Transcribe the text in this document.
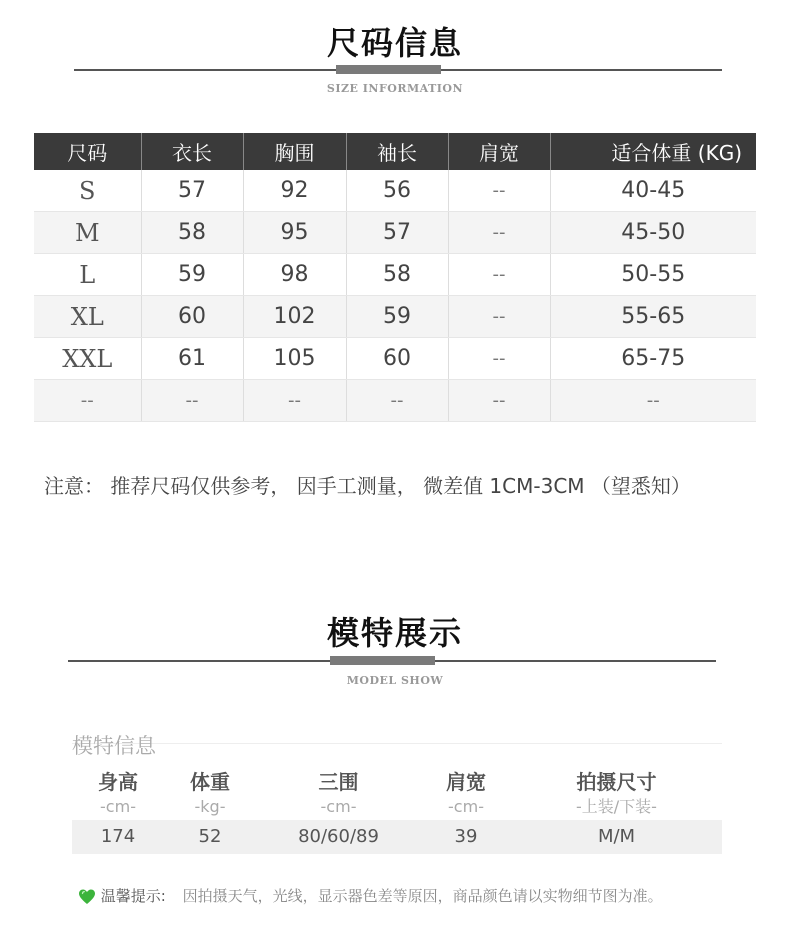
尺码信息
SIZE INFORMATION
尺码	衣长	胸围	袖长	肩宽	适合体重 (KG)
S	57	92	56	--	40-45
M	58	95	57	--	45-50
L	59	98	58	--	50-55
XL	60	102	59	--	55-65
XXL	61	105	60	--	65-75
--	--	--	--	--	--
注意： 推荐尺码仅供参考， 因手工测量， 微差值 1CM-3CM （望悉知）
模特展示
MODEL SHOW
模特信息
身高	体重	三围	肩宽	拍摄尺寸
-cm-	-kg-	-cm-	-cm-	-上装/下装-
174	52	80/60/89	39	M/M
温馨提示: 因拍摄天气，光线，显示器色差等原因，商品颜色请以实物细节图为准。
